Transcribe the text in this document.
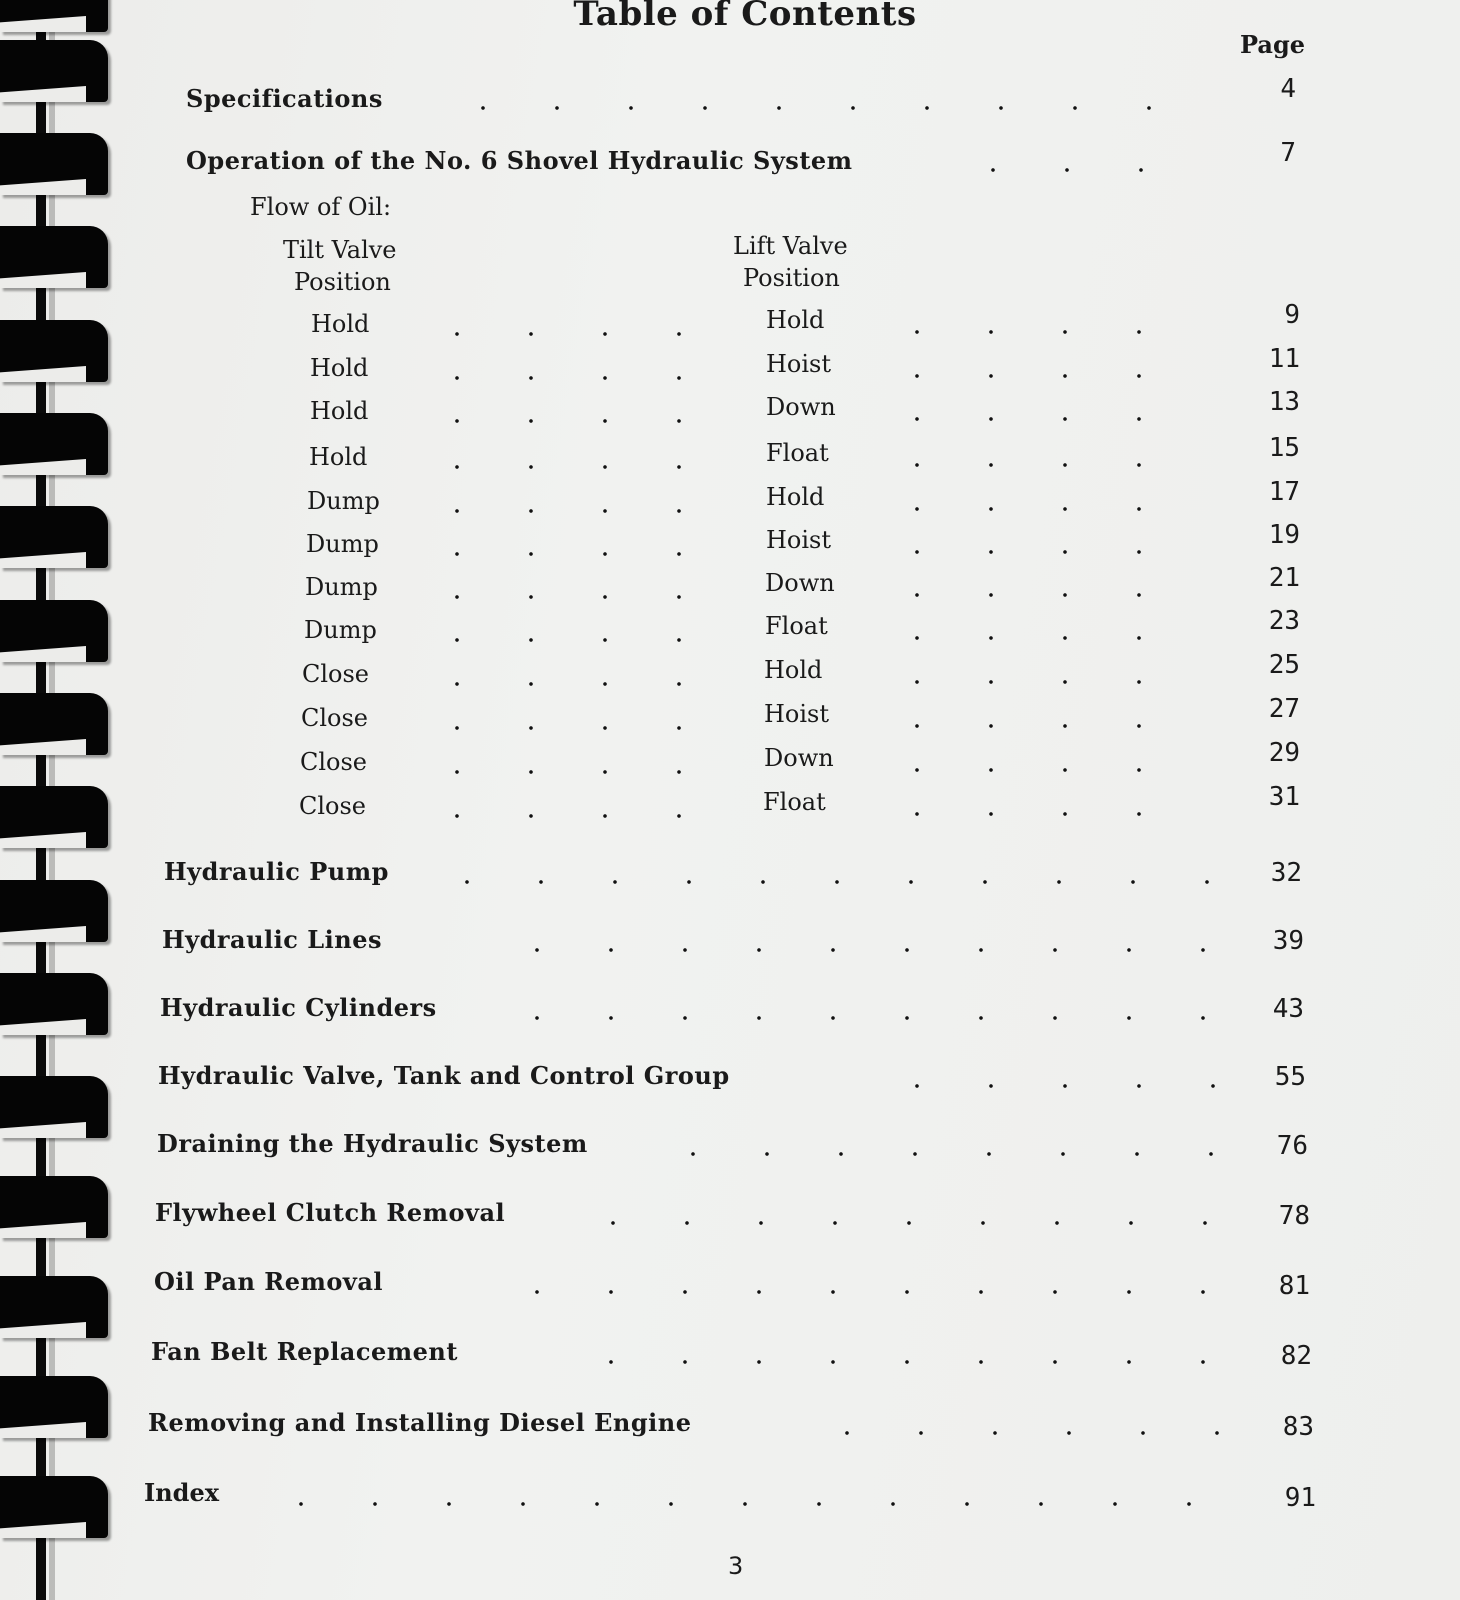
Table of Contents
Page
Specifications	4
Operation of the No. 6 Shovel Hydraulic System	7
Flow of Oil:
Tilt Valve
Position
Lift Valve
Position
Hold	Hold	9
Hold	Hoist	11
Hold	Down	13
Hold	Float	15
Dump	Hold	17
Dump	Hoist	19
Dump	Down	21
Dump	Float	23
Close	Hold	25
Close	Hoist	27
Close	Down	29
Close	Float	31
Hydraulic Pump	32
Hydraulic Lines	39
Hydraulic Cylinders	43
Hydraulic Valve, Tank and Control Group	55
Draining the Hydraulic System	76
Flywheel Clutch Removal	78
Oil Pan Removal	81
Fan Belt Replacement	82
Removing and Installing Diesel Engine	83
Index	91
3
